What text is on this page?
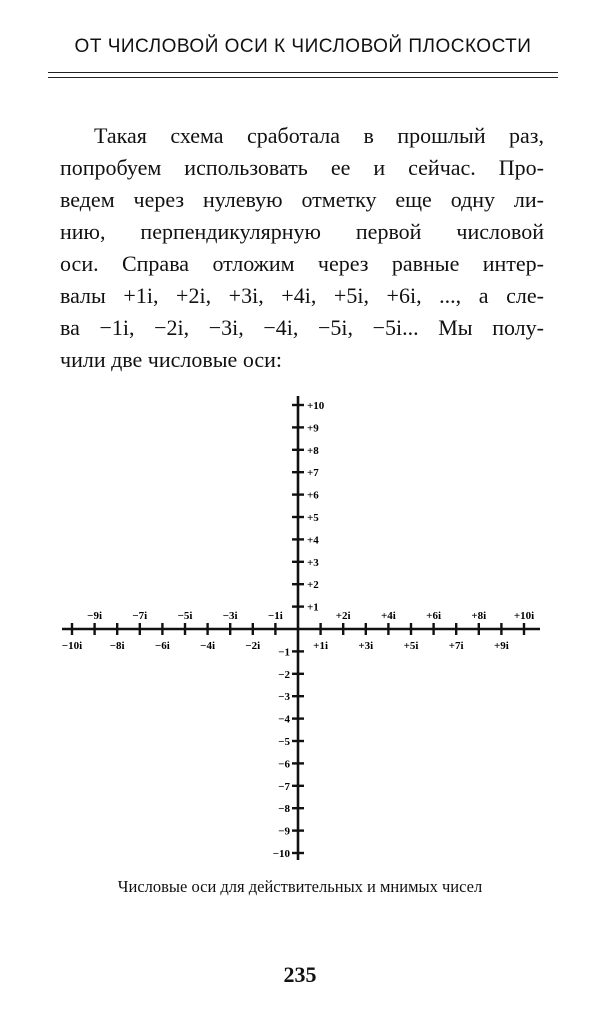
ОТ ЧИСЛОВОЙ ОСИ К ЧИСЛОВОЙ ПЛОСКОСТИ
Такая схема сработала в прошлый раз,
попробуем использовать ее и сейчас. Про-
ведем через нулевую отметку еще одну ли-
нию, перпендикулярную первой числовой
оси. Справа отложим через равные интер-
валы +1i, +2i, +3i, +4i, +5i, +6i, ..., а сле-
ва −1i, −2i, −3i, −4i, −5i, −5i... Мы полу-
чили две числовые оси:
+10
+9
+8
+7
+6
+5
+4
+3
+2
+1
−1
−2
−3
−4
−5
−6
−7
−8
−9
−10
−9i	−7i	−5i	−3i	−1i	+2i	+4i	+6i	+8i	+10i
−10i	−8i	−6i	−4i	−2i	+1i	+3i	+5i	+7i	+9i
Числовые оси для действительных и мнимых чисел
235
